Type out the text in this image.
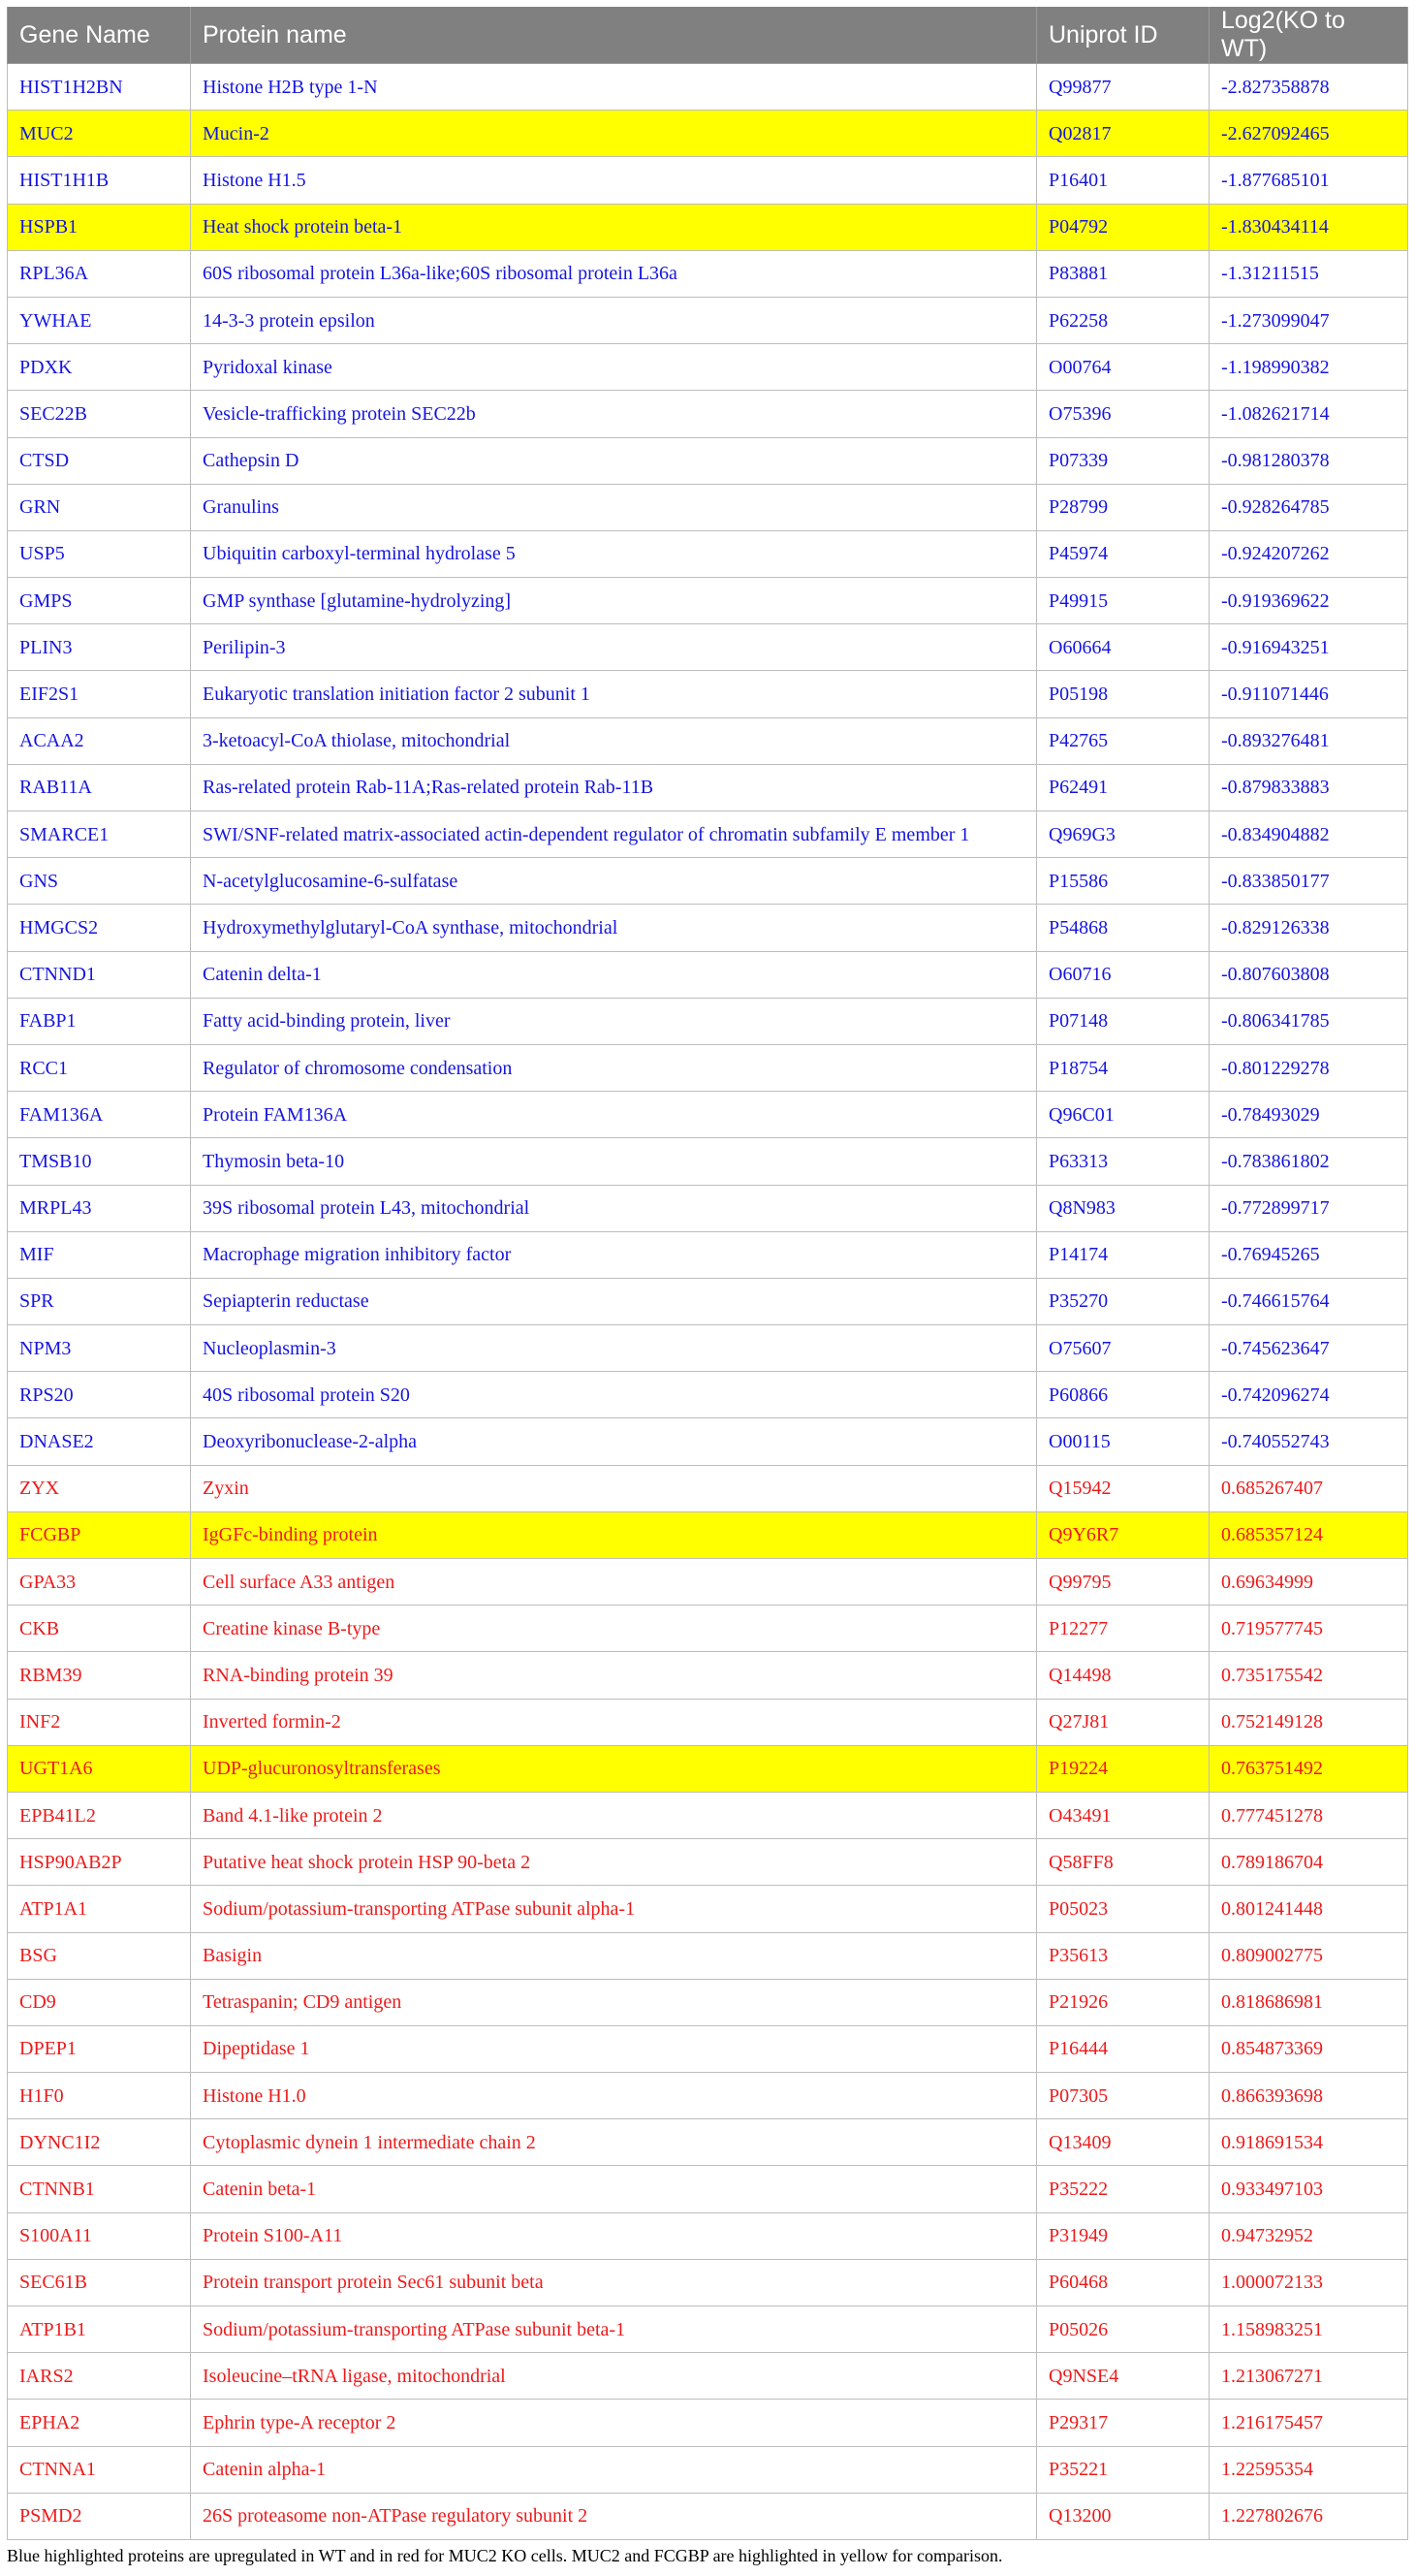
Gene Name	Protein name	Uniprot ID	Log2(KO to WT)
HIST1H2BN	Histone H2B type 1-N	Q99877	-2.827358878
MUC2	Mucin-2	Q02817	-2.627092465
HIST1H1B	Histone H1.5	P16401	-1.877685101
HSPB1	Heat shock protein beta-1	P04792	-1.830434114
RPL36A	60S ribosomal protein L36a-like;60S ribosomal protein L36a	P83881	-1.31211515
YWHAE	14-3-3 protein epsilon	P62258	-1.273099047
PDXK	Pyridoxal kinase	O00764	-1.198990382
SEC22B	Vesicle-trafficking protein SEC22b	O75396	-1.082621714
CTSD	Cathepsin D	P07339	-0.981280378
GRN	Granulins	P28799	-0.928264785
USP5	Ubiquitin carboxyl-terminal hydrolase 5	P45974	-0.924207262
GMPS	GMP synthase [glutamine-hydrolyzing]	P49915	-0.919369622
PLIN3	Perilipin-3	O60664	-0.916943251
EIF2S1	Eukaryotic translation initiation factor 2 subunit 1	P05198	-0.911071446
ACAA2	3-ketoacyl-CoA thiolase, mitochondrial	P42765	-0.893276481
RAB11A	Ras-related protein Rab-11A;Ras-related protein Rab-11B	P62491	-0.879833883
SMARCE1	SWI/SNF-related matrix-associated actin-dependent regulator of chromatin subfamily E member 1	Q969G3	-0.834904882
GNS	N-acetylglucosamine-6-sulfatase	P15586	-0.833850177
HMGCS2	Hydroxymethylglutaryl-CoA synthase, mitochondrial	P54868	-0.829126338
CTNND1	Catenin delta-1	O60716	-0.807603808
FABP1	Fatty acid-binding protein, liver	P07148	-0.806341785
RCC1	Regulator of chromosome condensation	P18754	-0.801229278
FAM136A	Protein FAM136A	Q96C01	-0.78493029
TMSB10	Thymosin beta-10	P63313	-0.783861802
MRPL43	39S ribosomal protein L43, mitochondrial	Q8N983	-0.772899717
MIF	Macrophage migration inhibitory factor	P14174	-0.76945265
SPR	Sepiapterin reductase	P35270	-0.746615764
NPM3	Nucleoplasmin-3	O75607	-0.745623647
RPS20	40S ribosomal protein S20	P60866	-0.742096274
DNASE2	Deoxyribonuclease-2-alpha	O00115	-0.740552743
ZYX	Zyxin	Q15942	0.685267407
FCGBP	IgGFc-binding protein	Q9Y6R7	0.685357124
GPA33	Cell surface A33 antigen	Q99795	0.69634999
CKB	Creatine kinase B-type	P12277	0.719577745
RBM39	RNA-binding protein 39	Q14498	0.735175542
INF2	Inverted formin-2	Q27J81	0.752149128
UGT1A6	UDP-glucuronosyltransferases	P19224	0.763751492
EPB41L2	Band 4.1-like protein 2	O43491	0.777451278
HSP90AB2P	Putative heat shock protein HSP 90-beta 2	Q58FF8	0.789186704
ATP1A1	Sodium/potassium-transporting ATPase subunit alpha-1	P05023	0.801241448
BSG	Basigin	P35613	0.809002775
CD9	Tetraspanin; CD9 antigen	P21926	0.818686981
DPEP1	Dipeptidase 1	P16444	0.854873369
H1F0	Histone H1.0	P07305	0.866393698
DYNC1I2	Cytoplasmic dynein 1 intermediate chain 2	Q13409	0.918691534
CTNNB1	Catenin beta-1	P35222	0.933497103
S100A11	Protein S100-A11	P31949	0.94732952
SEC61B	Protein transport protein Sec61 subunit beta	P60468	1.000072133
ATP1B1	Sodium/potassium-transporting ATPase subunit beta-1	P05026	1.158983251
IARS2	Isoleucine–tRNA ligase, mitochondrial	Q9NSE4	1.213067271
EPHA2	Ephrin type-A receptor 2	P29317	1.216175457
CTNNA1	Catenin alpha-1	P35221	1.22595354
PSMD2	26S proteasome non-ATPase regulatory subunit 2	Q13200	1.227802676
Blue highlighted proteins are upregulated in WT and in red for MUC2 KO cells. MUC2 and FCGBP are highlighted in yellow for comparison.
